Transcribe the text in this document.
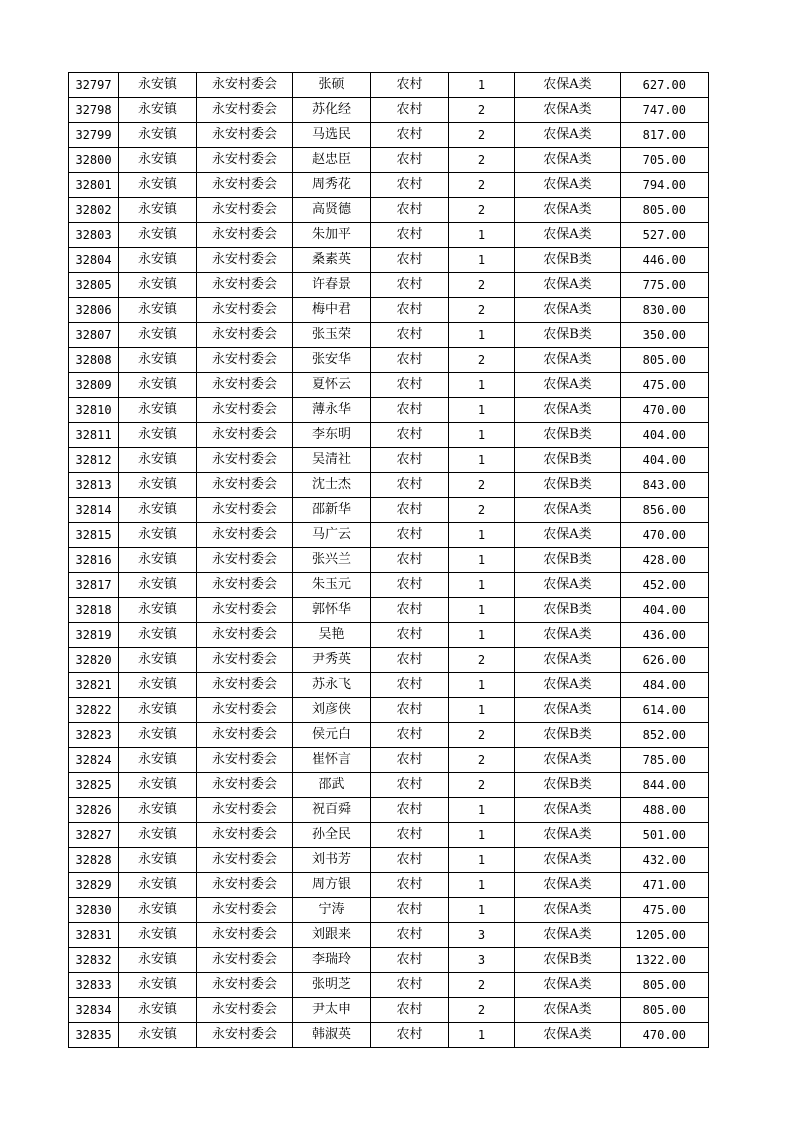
32797	永安镇	永安村委会	张硕	农村	1	农保A类	627.00
32798	永安镇	永安村委会	苏化经	农村	2	农保A类	747.00
32799	永安镇	永安村委会	马选民	农村	2	农保A类	817.00
32800	永安镇	永安村委会	赵忠臣	农村	2	农保A类	705.00
32801	永安镇	永安村委会	周秀花	农村	2	农保A类	794.00
32802	永安镇	永安村委会	高贤德	农村	2	农保A类	805.00
32803	永安镇	永安村委会	朱加平	农村	1	农保A类	527.00
32804	永安镇	永安村委会	桑素英	农村	1	农保B类	446.00
32805	永安镇	永安村委会	许春景	农村	2	农保A类	775.00
32806	永安镇	永安村委会	梅中君	农村	2	农保A类	830.00
32807	永安镇	永安村委会	张玉荣	农村	1	农保B类	350.00
32808	永安镇	永安村委会	张安华	农村	2	农保A类	805.00
32809	永安镇	永安村委会	夏怀云	农村	1	农保A类	475.00
32810	永安镇	永安村委会	薄永华	农村	1	农保A类	470.00
32811	永安镇	永安村委会	李东明	农村	1	农保B类	404.00
32812	永安镇	永安村委会	吴清社	农村	1	农保B类	404.00
32813	永安镇	永安村委会	沈士杰	农村	2	农保B类	843.00
32814	永安镇	永安村委会	邵新华	农村	2	农保A类	856.00
32815	永安镇	永安村委会	马广云	农村	1	农保A类	470.00
32816	永安镇	永安村委会	张兴兰	农村	1	农保B类	428.00
32817	永安镇	永安村委会	朱玉元	农村	1	农保A类	452.00
32818	永安镇	永安村委会	郭怀华	农村	1	农保B类	404.00
32819	永安镇	永安村委会	吴艳	农村	1	农保A类	436.00
32820	永安镇	永安村委会	尹秀英	农村	2	农保A类	626.00
32821	永安镇	永安村委会	苏永飞	农村	1	农保A类	484.00
32822	永安镇	永安村委会	刘彦侠	农村	1	农保A类	614.00
32823	永安镇	永安村委会	侯元白	农村	2	农保B类	852.00
32824	永安镇	永安村委会	崔怀言	农村	2	农保A类	785.00
32825	永安镇	永安村委会	邵武	农村	2	农保B类	844.00
32826	永安镇	永安村委会	祝百舜	农村	1	农保A类	488.00
32827	永安镇	永安村委会	孙全民	农村	1	农保A类	501.00
32828	永安镇	永安村委会	刘书芳	农村	1	农保A类	432.00
32829	永安镇	永安村委会	周方银	农村	1	农保A类	471.00
32830	永安镇	永安村委会	宁涛	农村	1	农保A类	475.00
32831	永安镇	永安村委会	刘跟来	农村	3	农保A类	1205.00
32832	永安镇	永安村委会	李瑞玲	农村	3	农保B类	1322.00
32833	永安镇	永安村委会	张明芝	农村	2	农保A类	805.00
32834	永安镇	永安村委会	尹太申	农村	2	农保A类	805.00
32835	永安镇	永安村委会	韩淑英	农村	1	农保A类	470.00
